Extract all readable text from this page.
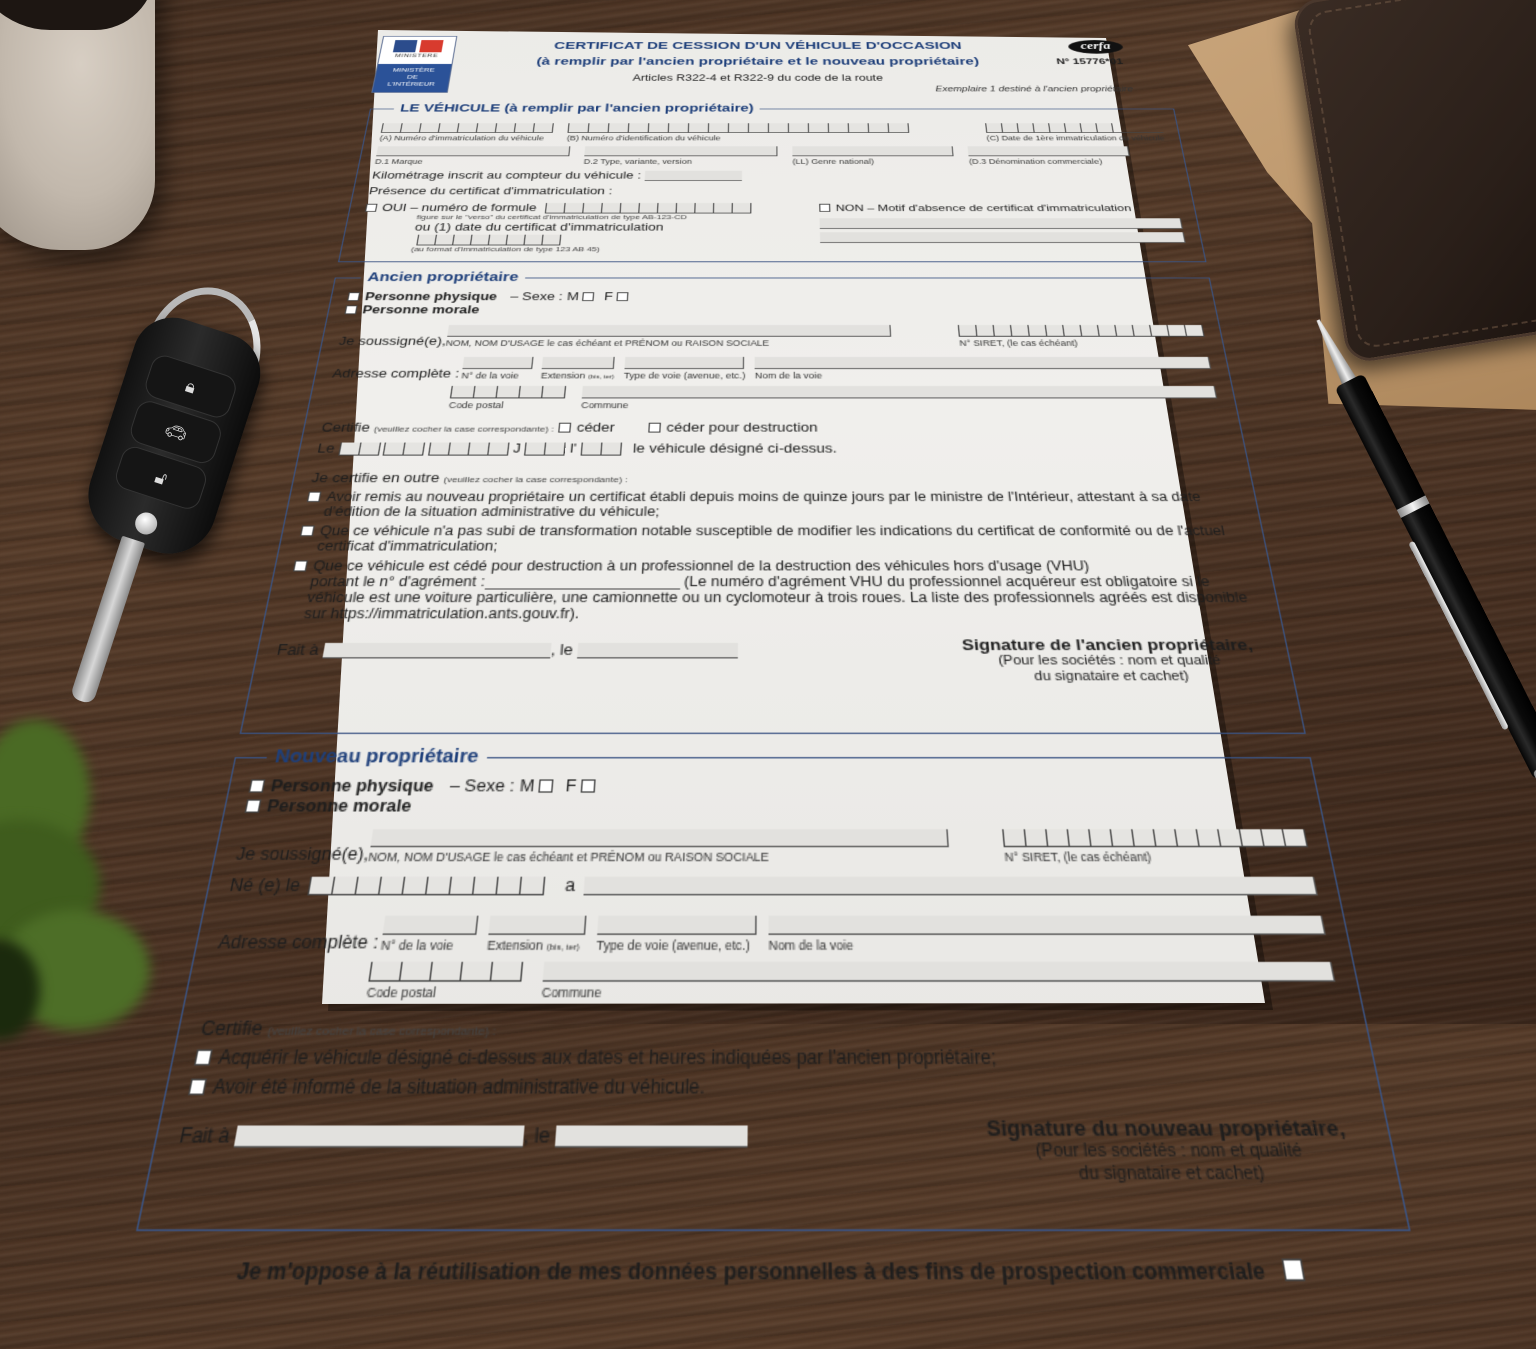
🔒︎
🚗︎
🔓︎
MINISTERE
MINISTÈRE
DE
L'INTÉRIEUR
CERTIFICAT DE CESSION D'UN VÉHICULE D'OCCASION
(à remplir par l'ancien propriétaire et le nouveau propriétaire)
Articles R322-4 et R322-9 du code de la route
cerfa
N° 15776*01
Exemplaire 1 destiné à l'ancien propriétaire
LE VÉHICULE (à remplir par l'ancien propriétaire)
(A) Numéro d'immatriculation du véhicule	(B) Numéro d'identification du véhicule	(C) Date de 1ère immatriculation du véhicule
D.1 Marque	D.2 Type, variante, version	(LL) Genre national)	(D.3 Dénomination commerciale)
Kilométrage inscrit au compteur du véhicule :
Présence du certificat d'immatriculation :
OUI – numéro de formule
figure sur le "verso" du certificat d'immatriculation de type AB-123-CD
ou (1) date du certificat d'immatriculation
(au format d'immatriculation de type 123 AB 45)
NON – Motif d'absence de certificat d'immatriculation :
Ancien propriétaire
Personne physique – Sexe : M F
Personne morale
Je soussigné(e),
NOM, NOM D'USAGE le cas échéant et PRÉNOM ou RAISON SOCIALE	N° SIRET, (le cas échéant)
Adresse complète : N° de la voie	Extension (bis, ter) Type de voie (avenue, etc.) Nom de la voie
Code postal	Commune
Certifie (veuillez cocher la case correspondante) : céder	céder pour destruction
Le

	J	l'	le véhicule désigné ci-dessus.
Je certifie en outre (veuillez cocher la case correspondante) :
Avoir remis au nouveau propriétaire un certificat établi depuis moins de quinze jours par le ministre de l'Intérieur, attestant à sa date d'édition de la situation administrative du véhicule;
Que ce véhicule n'a pas subi de transformation notable susceptible de modifier les indications du certificat de conformité ou de l'actuel certificat d'immatriculation;
Que ce véhicule est cédé pour destruction à un professionnel de la destruction des véhicules hors d'usage (VHU)
portant le n° d'agrément :	(Le numéro d'agrément VHU du professionnel acquéreur est obligatoire si le véhicule est une voiture particulière, une camionnette ou un cyclomoteur à trois roues. La liste des professionnels agréés est disponible sur https://immatriculation.ants.gouv.fr).
Fait à	, le	Signature de l'ancien propriétaire,
(Pour les sociétés : nom et qualité
du signataire et cachet)
Nouveau propriétaire
Personne physique – Sexe : M F
Personne morale
Je soussigné(e),
NOM, NOM D'USAGE le cas échéant et PRÉNOM ou RAISON SOCIALE	N° SIRET, (le cas échéant)
Né (e) le	a
Adresse complète : N° de la voie	Extension (bis, ter)	Type de voie (avenue, etc.)	Nom de la voie
Code postal	Commune
Certifie (veuillez cocher la case correspondante) :
Acquérir le véhicule désigné ci-dessus aux dates et heures indiquées par l'ancien propriétaire;
Avoir été informé de la situation administrative du véhicule.
Fait à	, le	Signature du nouveau propriétaire,
(Pour les sociétés : nom et qualité
du signataire et cachet)
Je m'oppose à la réutilisation de mes données personnelles à des fins de prospection commerciale
